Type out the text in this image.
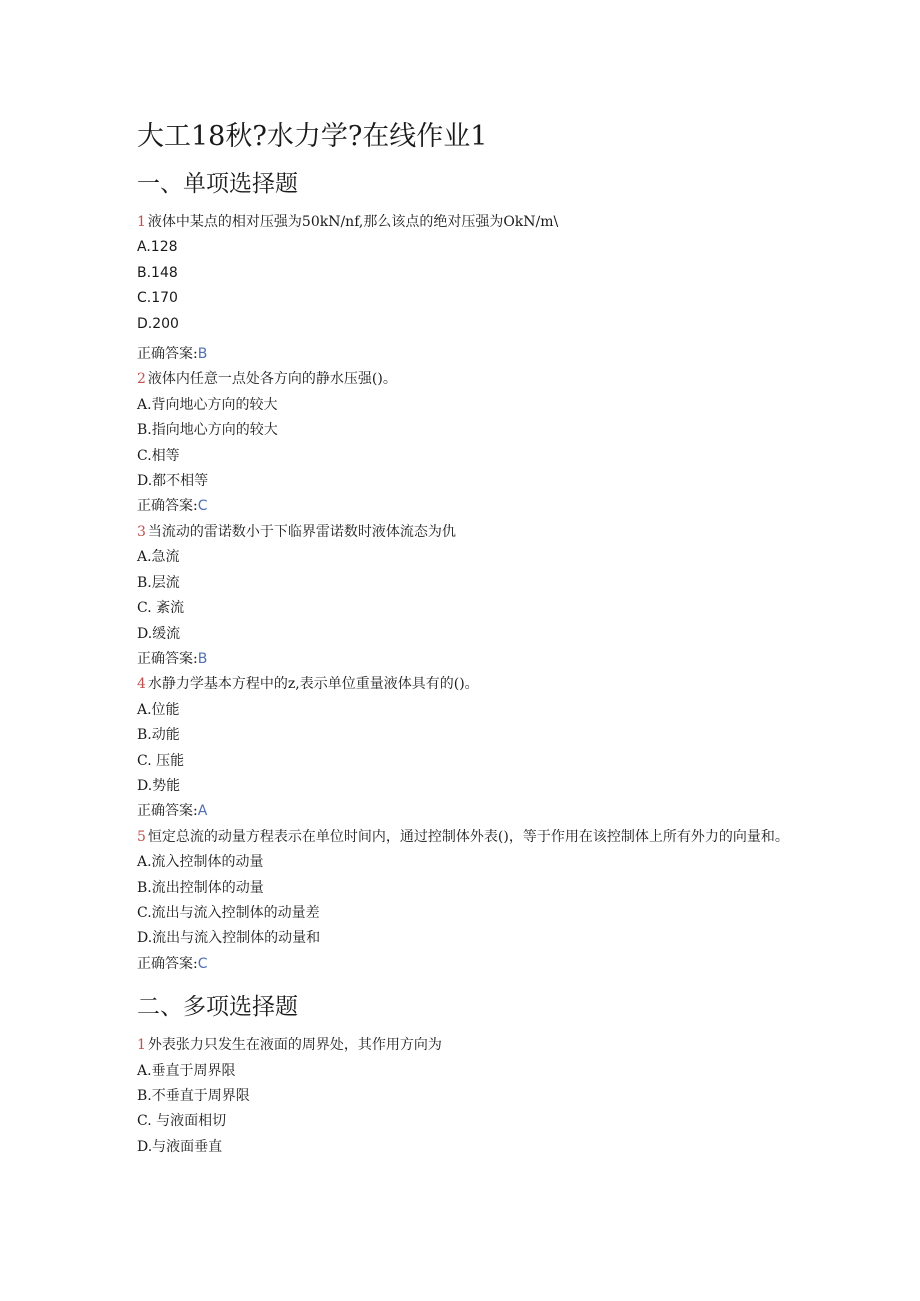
大工18秋?水力学?在线作业1
一、单项选择题
1 液体中某点的相对压强为50kN∕nf,那么该点的绝对压强为OkN∕m\
A.128
B.148
C.170
D.200
正确答案:B
2 液体内任意一点处各方向的静水压强()。
A.背向地心方向的较大
B.指向地心方向的较大
C.相等
D.都不相等
正确答案:C
3 当流动的雷诺数小于下临界雷诺数时液体流态为仇
A.急流
B.层流
C. 紊流
D.缓流
正确答案:B
4 水静力学基本方程中的z,表示单位重量液体具有的()。
A.位能
B.动能
C. 压能
D.势能
正确答案:A
5 恒定总流的动量方程表示在单位时间内，通过控制体外表()，等于作用在该控制体上所有外力的向量和。
A.流入控制体的动量
B.流出控制体的动量
C.流出与流入控制体的动量差
D.流出与流入控制体的动量和
正确答案:C
二、多项选择题
1 外表张力只发生在液面的周界处，其作用方向为
A.垂直于周界限
B.不垂直于周界限
C. 与液面相切
D.与液面垂直
